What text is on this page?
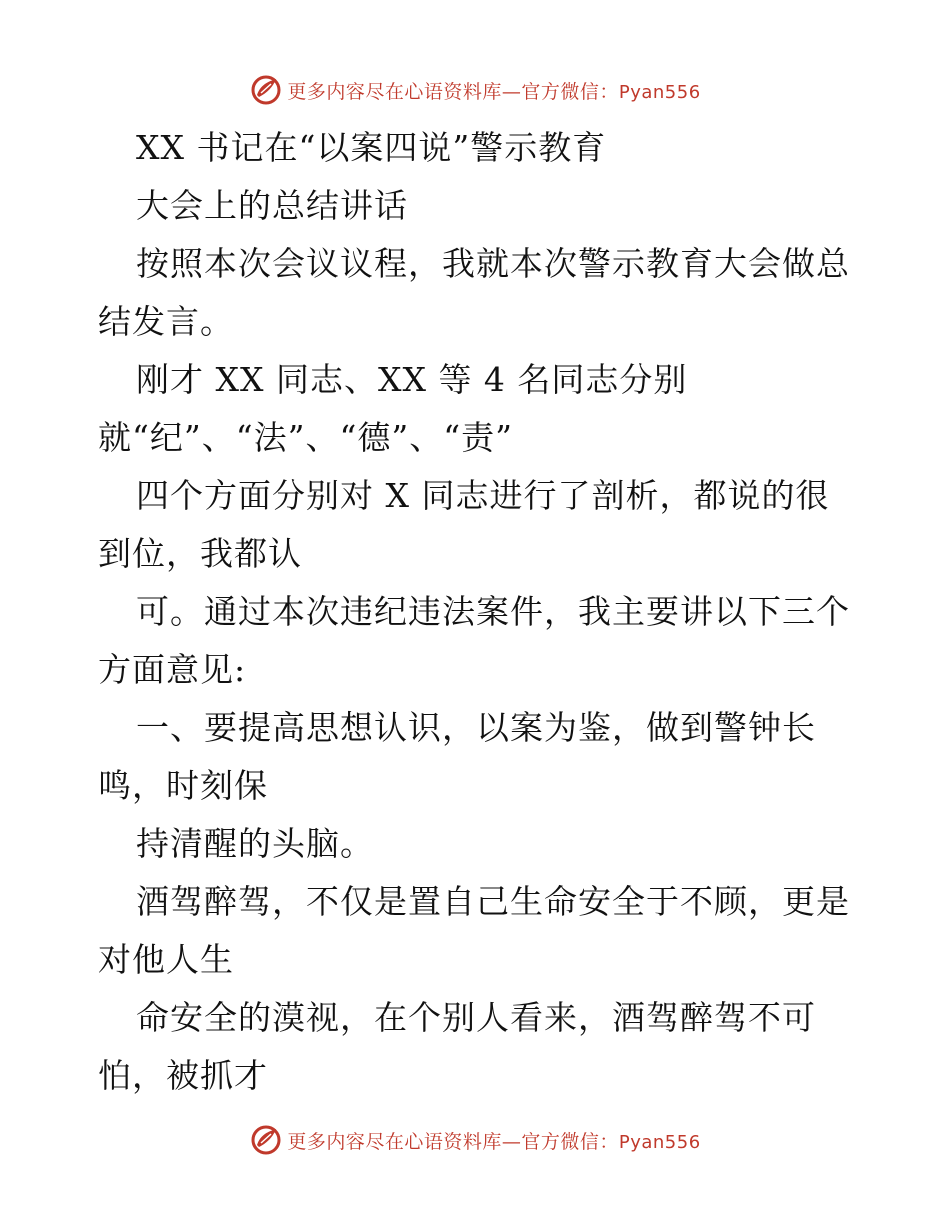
更多内容尽在心语资料库—官方微信：Pyan556
XX 书记在“以案四说”警示教育
大会上的总结讲话
按照本次会议议程，我就本次警示教育大会做总
结发言。
刚才 XX 同志、XX 等 4 名同志分别
就“纪”、“法”、“德”、“责”
四个方面分别对 X 同志进行了剖析，都说的很
到位，我都认
可。通过本次违纪违法案件，我主要讲以下三个
方面意见:
一、要提高思想认识，以案为鉴，做到警钟长
鸣，时刻保
持清醒的头脑。
酒驾醉驾，不仅是置自己生命安全于不顾，更是
对他人生
命安全的漠视，在个别人看来，酒驾醉驾不可
怕，被抓才
更多内容尽在心语资料库—官方微信：Pyan556
